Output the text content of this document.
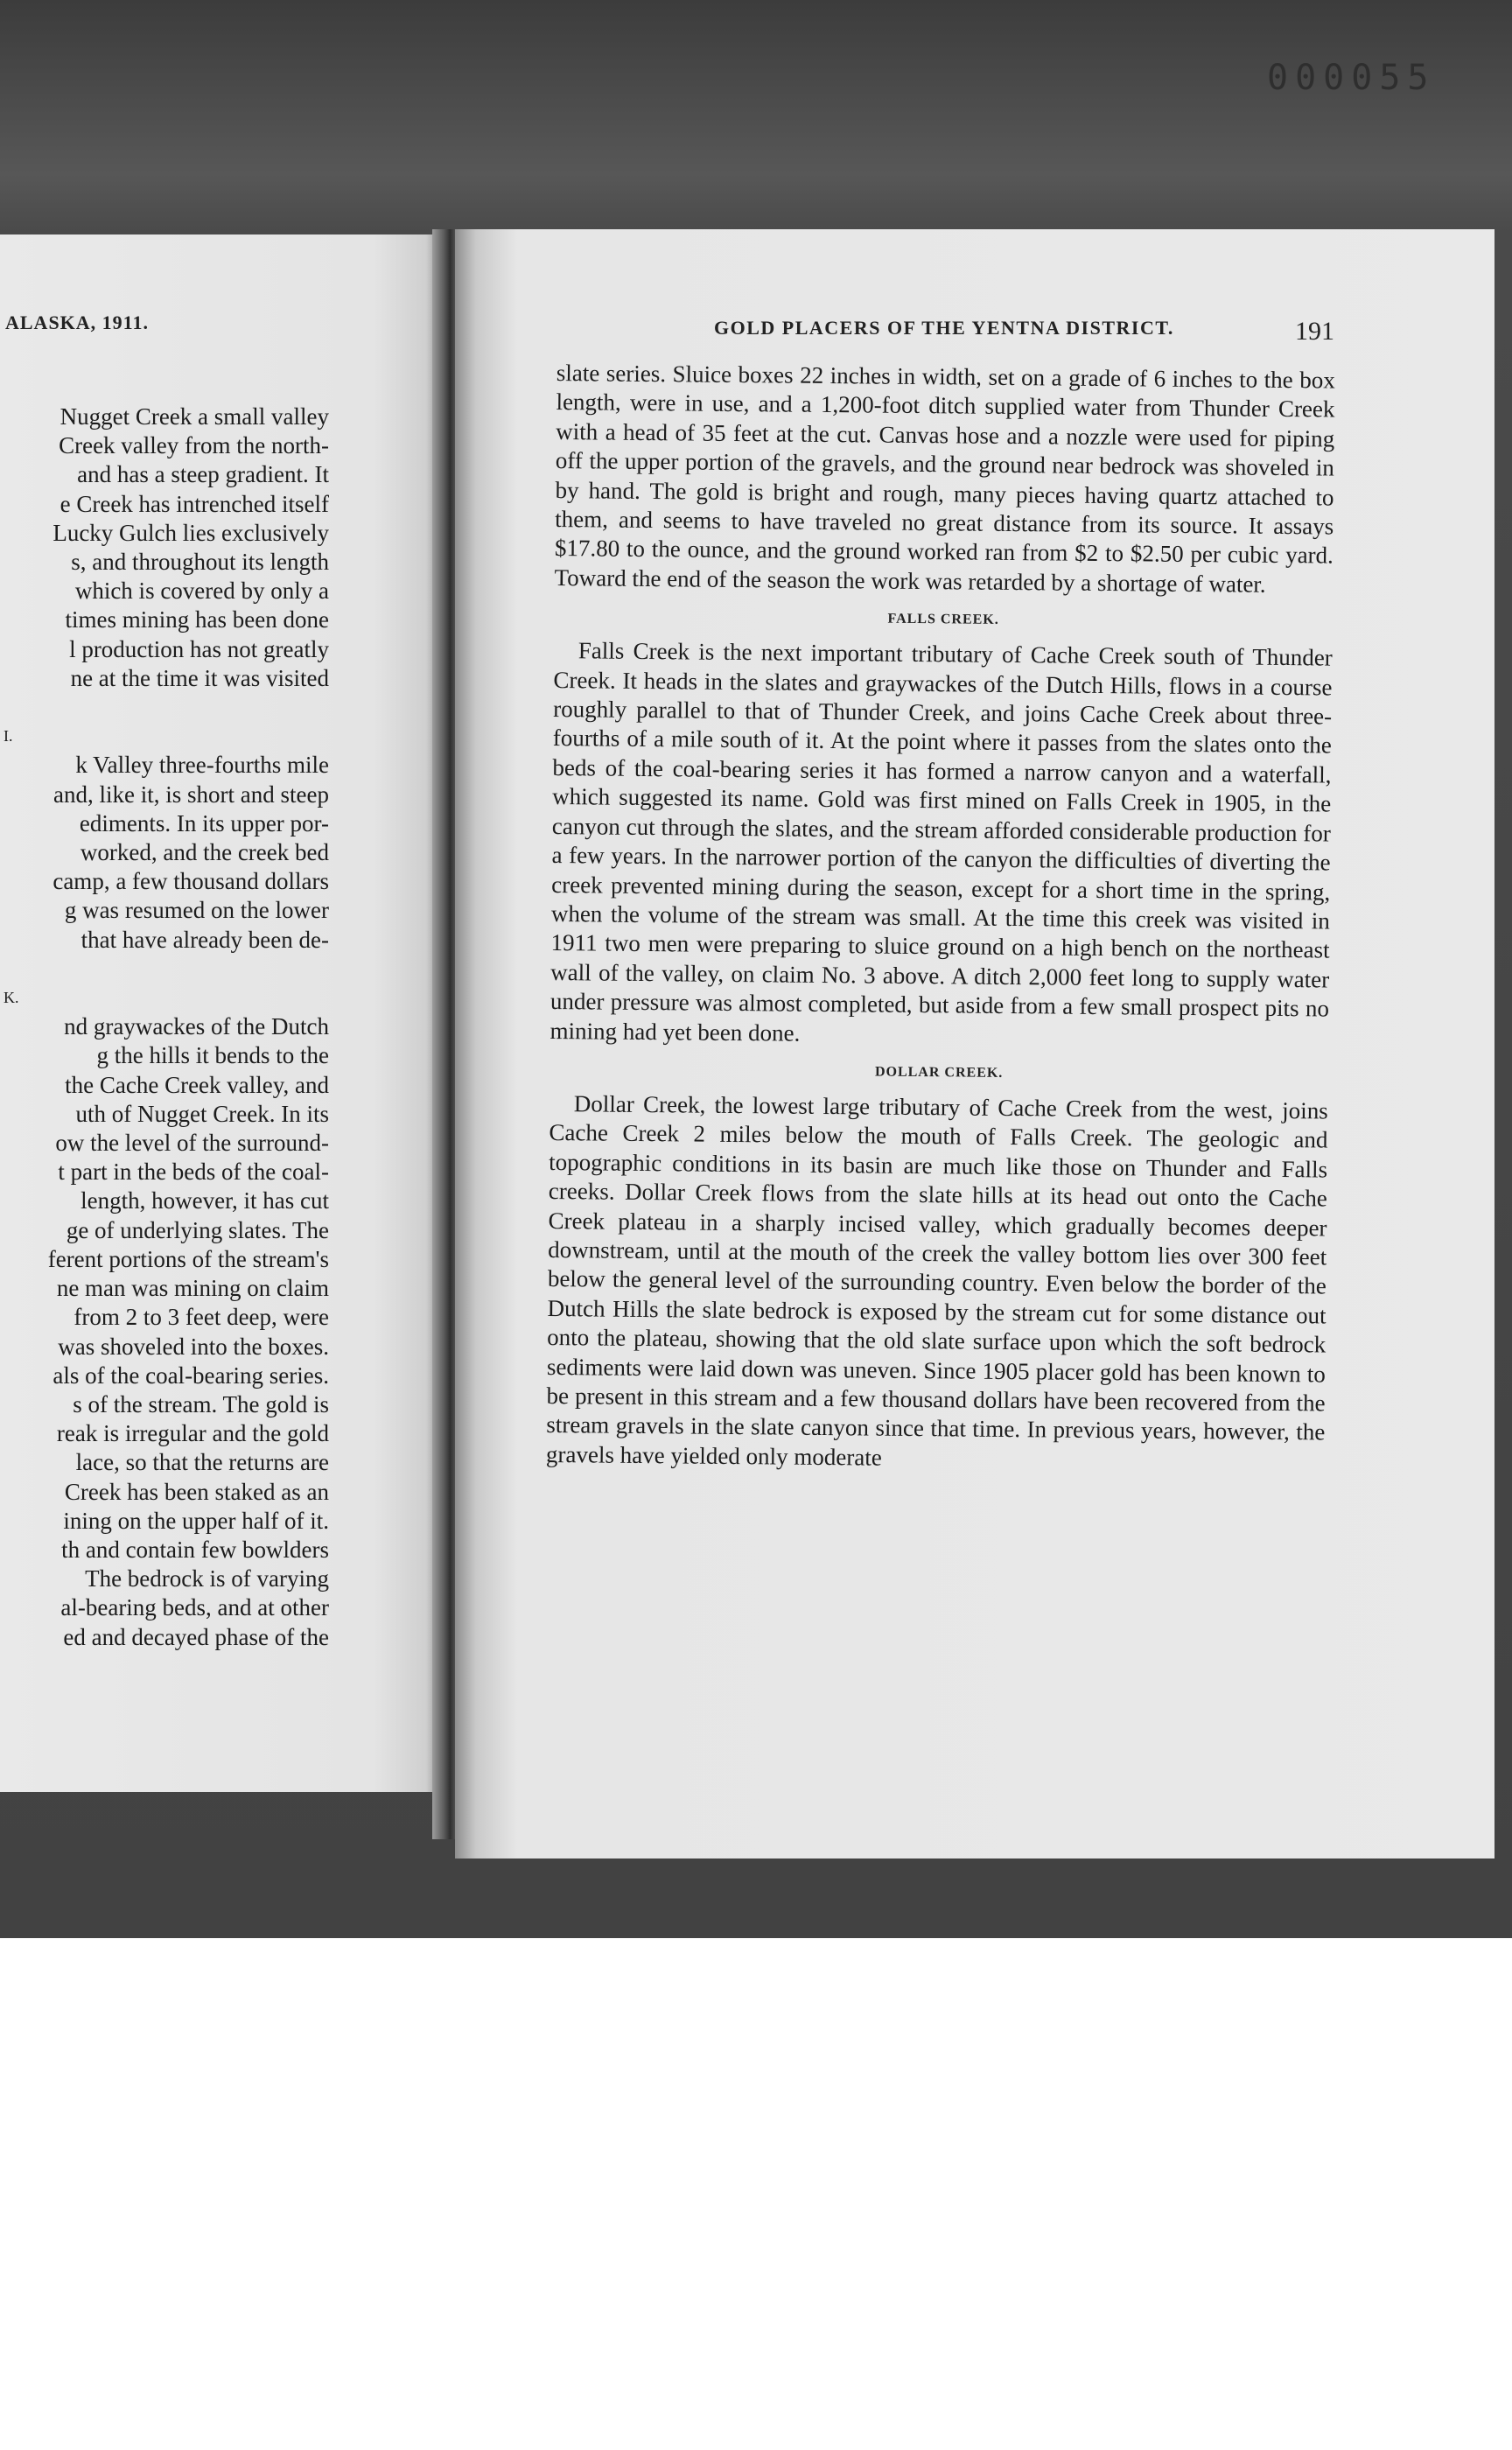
000055
ALASKA, 1911.
Nugget Creek a small valley
Creek valley from the north-
and has a steep gradient. It
e Creek has intrenched itself
Lucky Gulch lies exclusively
s, and throughout its length
which is covered by only a
times mining has been done
l production has not greatly
ne at the time it was visited

I.
k Valley three-fourths mile
and, like it, is short and steep
ediments. In its upper por-
worked, and the creek bed
camp, a few thousand dollars
g was resumed on the lower
that have already been de-

K.
nd graywackes of the Dutch
g the hills it bends to the
the Cache Creek valley, and
uth of Nugget Creek. In its
ow the level of the surround-
t part in the beds of the coal-
length, however, it has cut
ge of underlying slates. The
ferent portions of the stream's
ne man was mining on claim
from 2 to 3 feet deep, were
was shoveled into the boxes.
als of the coal-bearing series.
s of the stream. The gold is
reak is irregular and the gold
lace, so that the returns are
Creek has been staked as an
ining on the upper half of it.
th and contain few bowlders
The bedrock is of varying
al-bearing beds, and at other
ed and decayed phase of the
GOLD PLACERS OF THE YENTNA DISTRICT.	191

slate series. Sluice boxes 22 inches in width, set on a grade of 6 inches to the box length, were in use, and a 1,200-foot ditch supplied water from Thunder Creek with a head of 35 feet at the cut. Canvas hose and a nozzle were used for piping off the upper portion of the gravels, and the ground near bedrock was shoveled in by hand. The gold is bright and rough, many pieces having quartz attached to them, and seems to have traveled no great distance from its source. It assays $17.80 to the ounce, and the ground worked ran from $2 to $2.50 per cubic yard. Toward the end of the season the work was retarded by a shortage of water.

FALLS CREEK.

Falls Creek is the next important tributary of Cache Creek south of Thunder Creek. It heads in the slates and graywackes of the Dutch Hills, flows in a course roughly parallel to that of Thunder Creek, and joins Cache Creek about three-fourths of a mile south of it. At the point where it passes from the slates onto the beds of the coal-bearing series it has formed a narrow canyon and a waterfall, which suggested its name. Gold was first mined on Falls Creek in 1905, in the canyon cut through the slates, and the stream afforded considerable production for a few years. In the narrower portion of the canyon the difficulties of diverting the creek prevented mining during the season, except for a short time in the spring, when the volume of the stream was small. At the time this creek was visited in 1911 two men were preparing to sluice ground on a high bench on the northeast wall of the valley, on claim No. 3 above. A ditch 2,000 feet long to supply water under pressure was almost completed, but aside from a few small prospect pits no mining had yet been done.

DOLLAR CREEK.

Dollar Creek, the lowest large tributary of Cache Creek from the west, joins Cache Creek 2 miles below the mouth of Falls Creek. The geologic and topographic conditions in its basin are much like those on Thunder and Falls creeks. Dollar Creek flows from the slate hills at its head out onto the Cache Creek plateau in a sharply incised valley, which gradually becomes deeper downstream, until at the mouth of the creek the valley bottom lies over 300 feet below the general level of the surrounding country. Even below the border of the Dutch Hills the slate bedrock is exposed by the stream cut for some distance out onto the plateau, showing that the old slate surface upon which the soft bedrock sediments were laid down was uneven. Since 1905 placer gold has been known to be present in this stream and a few thousand dollars have been recovered from the stream gravels in the slate canyon since that time. In previous years, however, the gravels have yielded only moderate
